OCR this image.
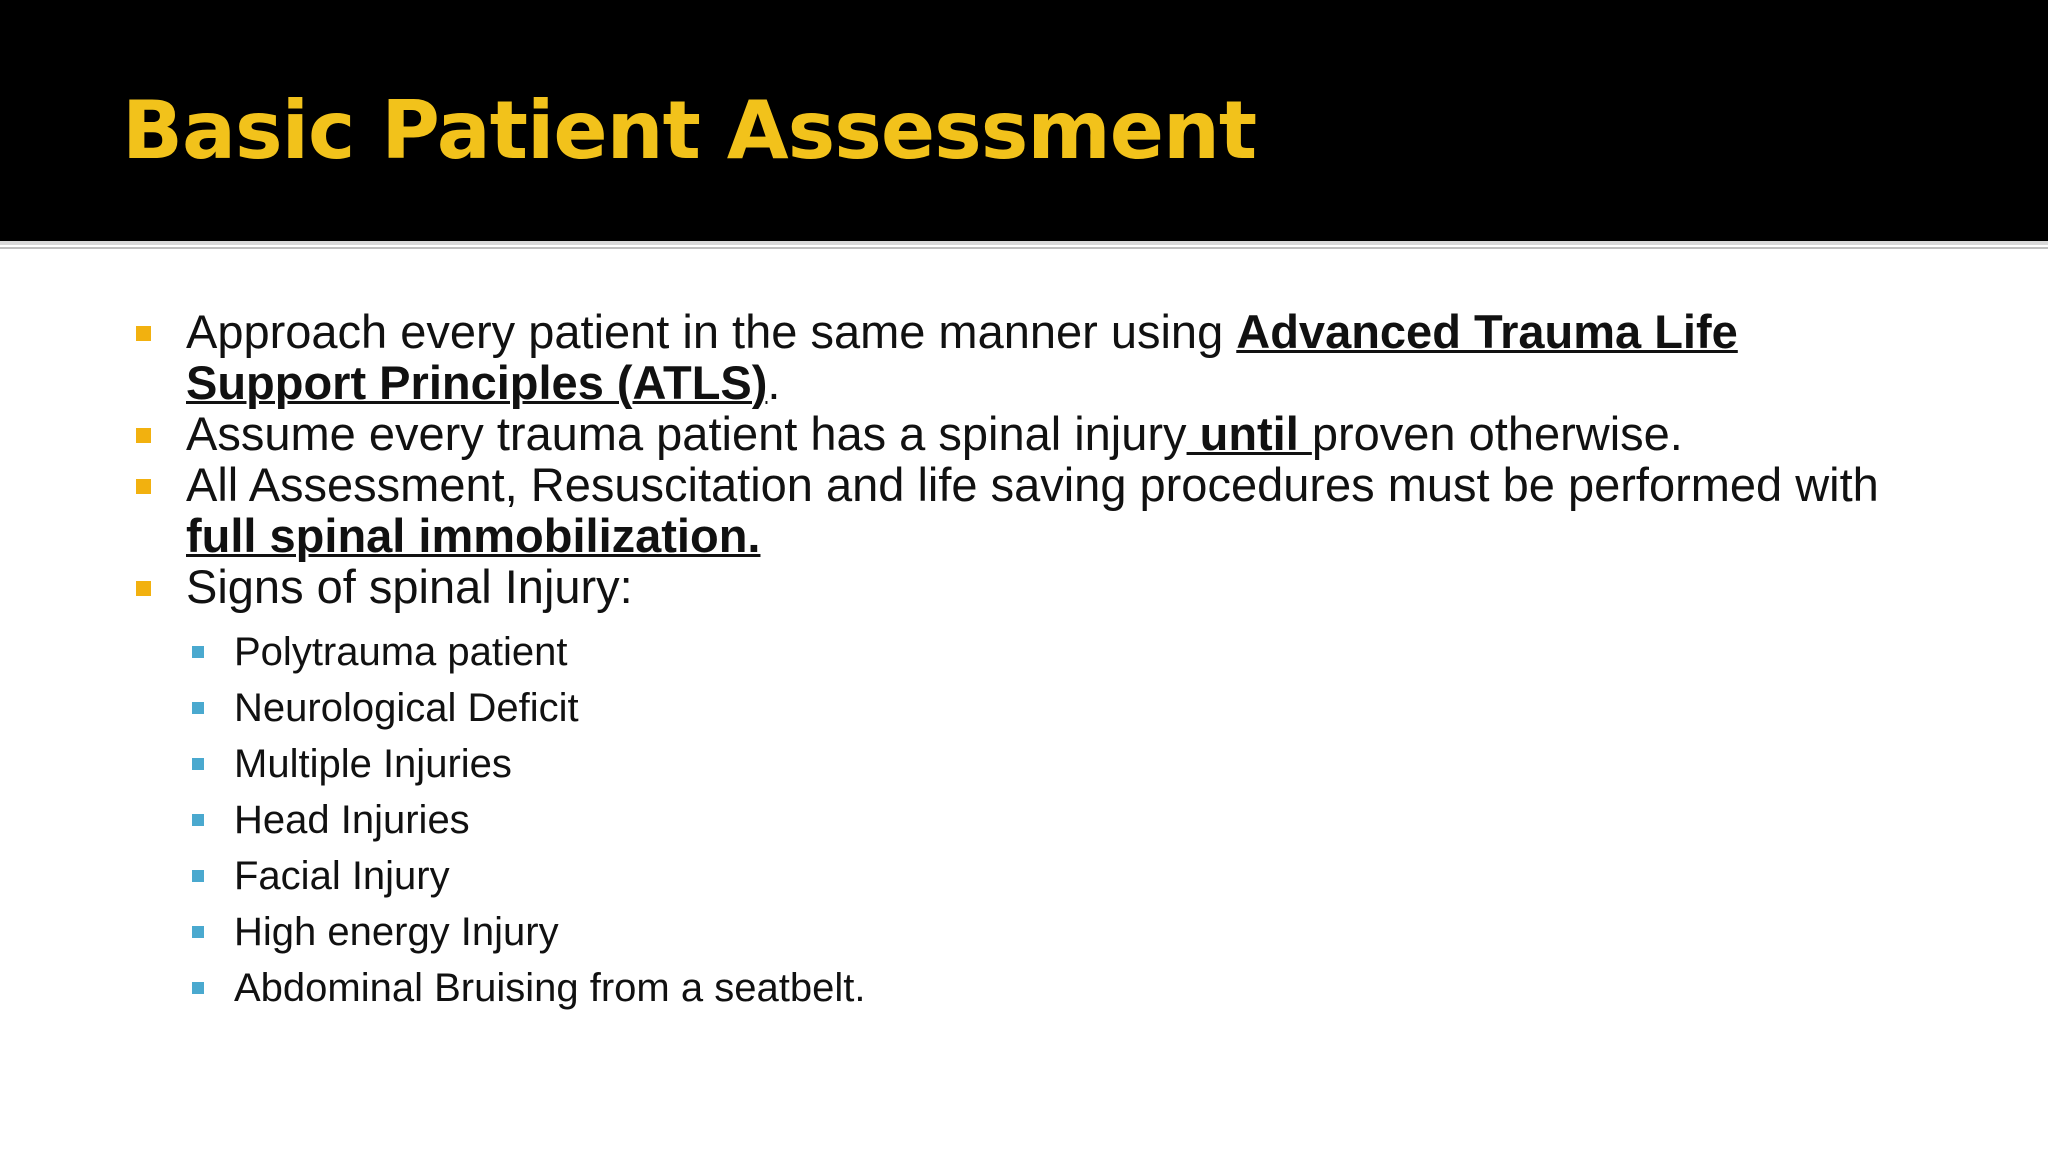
Basic Patient Assessment
Approach every patient in the same manner using Advanced Trauma Life Support Principles (ATLS).
Assume every trauma patient has a spinal injury until proven otherwise.
All Assessment, Resuscitation and life saving procedures must be performed with full spinal immobilization.
Signs of spinal Injury:
Polytrauma patient
Neurological Deficit
Multiple Injuries
Head Injuries
Facial Injury
High energy Injury
Abdominal Bruising from a seatbelt.
